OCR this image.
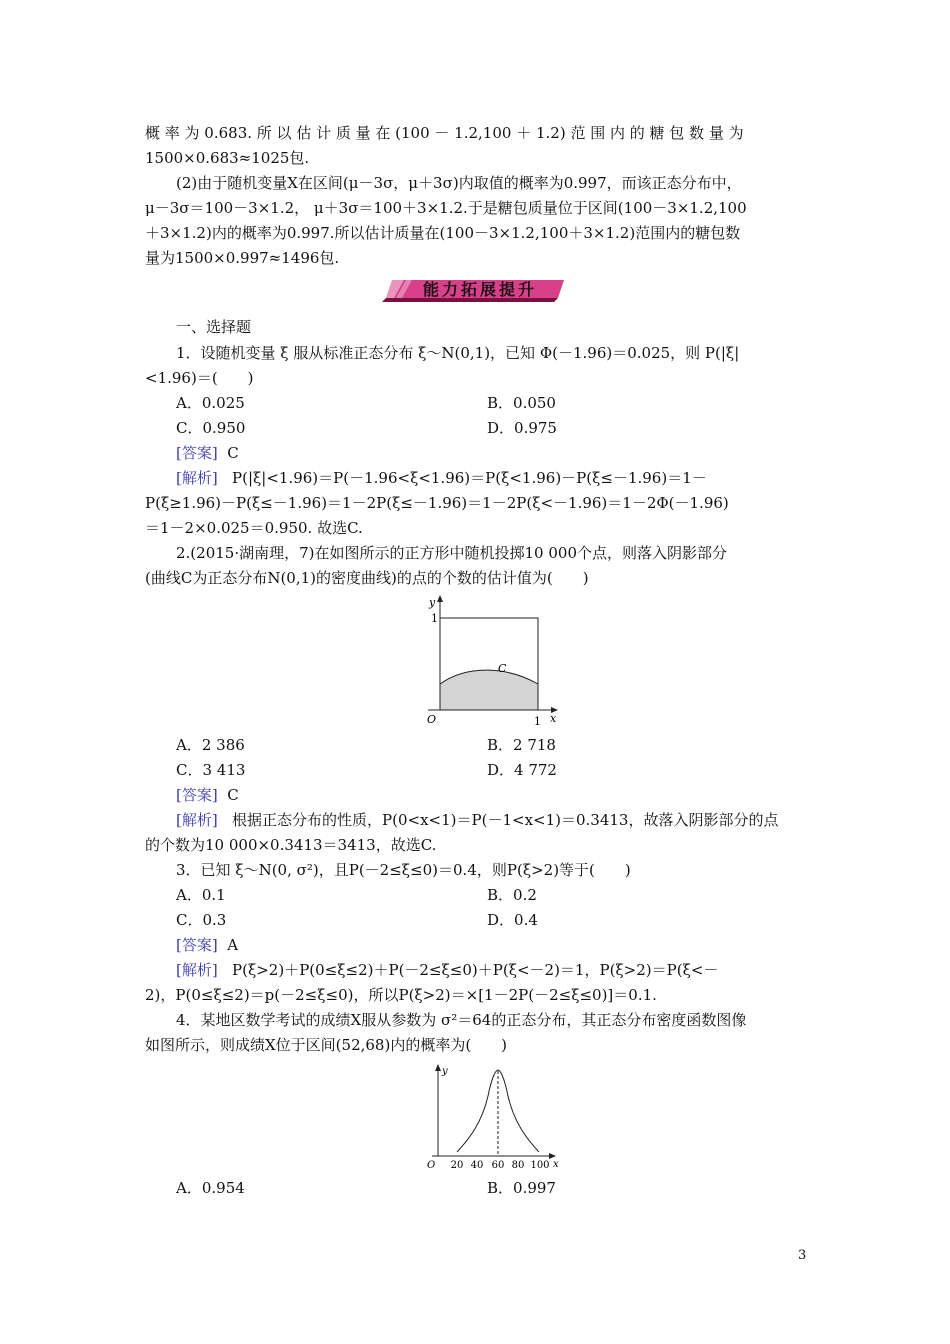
概 率 为 0.683. 所 以 估 计 质 量 在 (100 － 1.2,100 ＋ 1.2) 范 围 内 的 糖 包 数 量 为
1500×0.683≈1025包.
(2)由于随机变量X在区间(μ－3σ，μ＋3σ)内取值的概率为0.997，而该正态分布中，
μ－3σ＝100－3×1.2， μ＋3σ＝100＋3×1.2.于是糖包质量位于区间(100－3×1.2,100
＋3×1.2)内的概率为0.997.所以估计质量在(100－3×1.2,100＋3×1.2)范围内的糖包数
量为1500×0.997≈1496包.
能力拓展提升
一、选择题
1．设随机变量 ξ 服从标准正态分布 ξ～N(0,1)，已知 Φ(－1.96)＝0.025，则 P(|ξ|
<1.96)＝(　　)
A．0.025	B．0.050
C．0.950	D．0.975
[答案] C
[解析] P(|ξ|<1.96)＝P(－1.96<ξ<1.96)＝P(ξ<1.96)－P(ξ≤－1.96)＝1－
P(ξ≥1.96)－P(ξ≤－1.96)＝1－2P(ξ≤－1.96)＝1－2P(ξ<－1.96)＝1－2Φ(－1.96)
＝1－2×0.025＝0.950. 故选C.
2.(2015·湖南理，7)在如图所示的正方形中随机投掷10 000个点，则落入阴影部分
(曲线C为正态分布N(0,1)的密度曲线)的点的个数的估计值为(　　)
y
1
C
O	1 x
A．2 386	B．2 718
C．3 413	D．4 772
[答案] C
[解析] 根据正态分布的性质，P(0<x<1)＝P(－1<x<1)＝0.3413，故落入阴影部分的点
的个数为10 000×0.3413＝3413，故选C.
3．已知 ξ～N(0, σ²)，且P(－2≤ξ≤0)＝0.4，则P(ξ>2)等于(　　)
A．0.1	B．0.2
C．0.3	D．0.4
[答案] A
[解析] P(ξ>2)＋P(0≤ξ≤2)＋P(－2≤ξ≤0)＋P(ξ<－2)＝1，P(ξ>2)＝P(ξ<－
2)，P(0≤ξ≤2)＝p(－2≤ξ≤0)，所以P(ξ>2)＝×[1－2P(－2≤ξ≤0)]＝0.1.
4．某地区数学考试的成绩X服从参数为 σ²＝64的正态分布，其正态分布密度函数图像
如图所示，则成绩X位于区间(52,68)内的概率为(　　)
y
O 20 40 60 80 100 x
A．0.954	B．0.997
3
